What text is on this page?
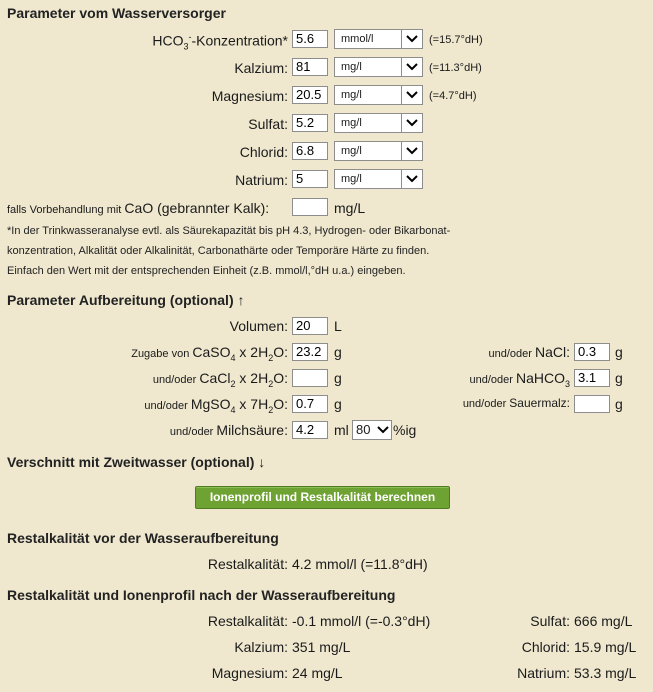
Parameter vom Wasserversorger
$HCO_3^--Konzentration*$ 5.6	mmol/l	(=15.7°dH)
Kalzium: 81	mg/l	(=11.3°dH)
Magnesium: 20.5	mg/l	(=4.7°dH)
Sulfat: 5.2	mg/l
Chlorid: 6.8	mg/l
Natrium: 5	mg/l
falls Vorbehandlung mit CaO (gebrannter Kalk):	mg/L
*In der Trinkwasseranalyse evtl. als Säurekapazität bis pH 4.3, Hydrogen- oder Bikarbonat-
konzentration, Alkalität oder Alkalinität, Carbonathärte oder Temporäre Härte zu finden.
Einfach den Wert mit der entsprechenden Einheit (z.B. mmol/l,°dH u.a.) eingeben.
Parameter Aufbereitung (optional) ↑
Volumen: 20	L
Zugabe von CaSO$_4$ x $2H_2O$: 23.2 g
und/oder CaCl$_2$ x $2H_2O$:	g
und/oder MgSO$_4$ x $7H_2O$: 0.7	g
und/oder Milchsäure: 4.2	ml 80	%ig
und/oder NaCl: 0.3	g
und/oder NaHCO$_3$ 3.1	g
und/oder Sauermalz:	g
Verschnitt mit Zweitwasser (optional) ↓
Ionenprofil und Restalkalität berechnen
Restalkalität vor der Wasseraufbereitung
Restalkalität: 4.2 mmol/l (=11.8°dH)
Restalkalität und Ionenprofil nach der Wasseraufbereitung
Restalkalität: -0.1 mmol/l (=-0.3°dH)
Kalzium: 351 mg/L
Magnesium: 24 mg/L
Sulfat: 666 mg/L
Chlorid: 15.9 mg/L
Natrium: 53.3 mg/L
